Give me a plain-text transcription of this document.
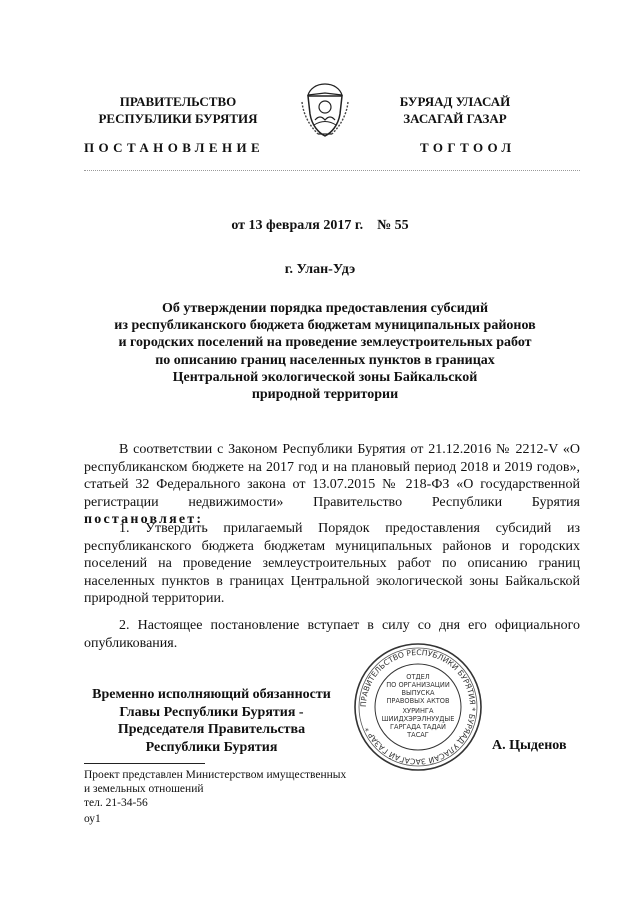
ПРАВИТЕЛЬСТВО
РЕСПУБЛИКИ БУРЯТИЯ
БУРЯАД УЛАСАЙ
ЗАСАГАЙ ГАЗАР
ПОСТАНОВЛЕНИЕ	ТОГТООЛ
от 13 февраля 2017 г.    № 55
г. Улан-Удэ
Об утверждении порядка предоставления субсидий
из республиканского бюджета бюджетам муниципальных районов
и городских поселений на проведение землеустроительных работ
по описанию границ населенных пунктов в границах
Центральной экологической зоны Байкальской
природной территории
В соответствии с Законом Республики Бурятия от 21.12.2016 № 2212-V «О республиканском бюджете на 2017 год и на плановый период 2018 и 2019 годов», статьей 32 Федерального закона от 13.07.2015 № 218-ФЗ «О государственной регистрации недвижимости» Правительство Республики Бурятия постановляет:
1. Утвердить прилагаемый Порядок предоставления субсидий из республиканского бюджета бюджетам муниципальных районов и городских поселений на проведение землеустроительных работ по описанию границ населенных пунктов в границах Центральной экологической зоны Байкальской природной территории.
2. Настоящее постановление вступает в силу со дня его официального опубликования.
Временно исполняющий обязанности
Главы Республики Бурятия -
Председателя Правительства
Республики Бурятия
ПРАВИТЕЛЬСТВО РЕСПУБЛИКИ БУРЯТИЯ * БУРЯАД УЛАСАЙ ЗАСАГАЙ ГАЗАР *
ОТДЕЛ
ПО ОРГАНИЗАЦИИ
ВЫПУСКА
ПРАВОВЫХ АКТОВ
ХУРИНГА
ШИИДХЭРЭЛНУУДЫЕ
ГАРГАДА ТАДАЙ
ТАСАГ
А. Цыденов
Проект представлен Министерством имущественных
и земельных отношений
тел. 21-34-56
оу1
